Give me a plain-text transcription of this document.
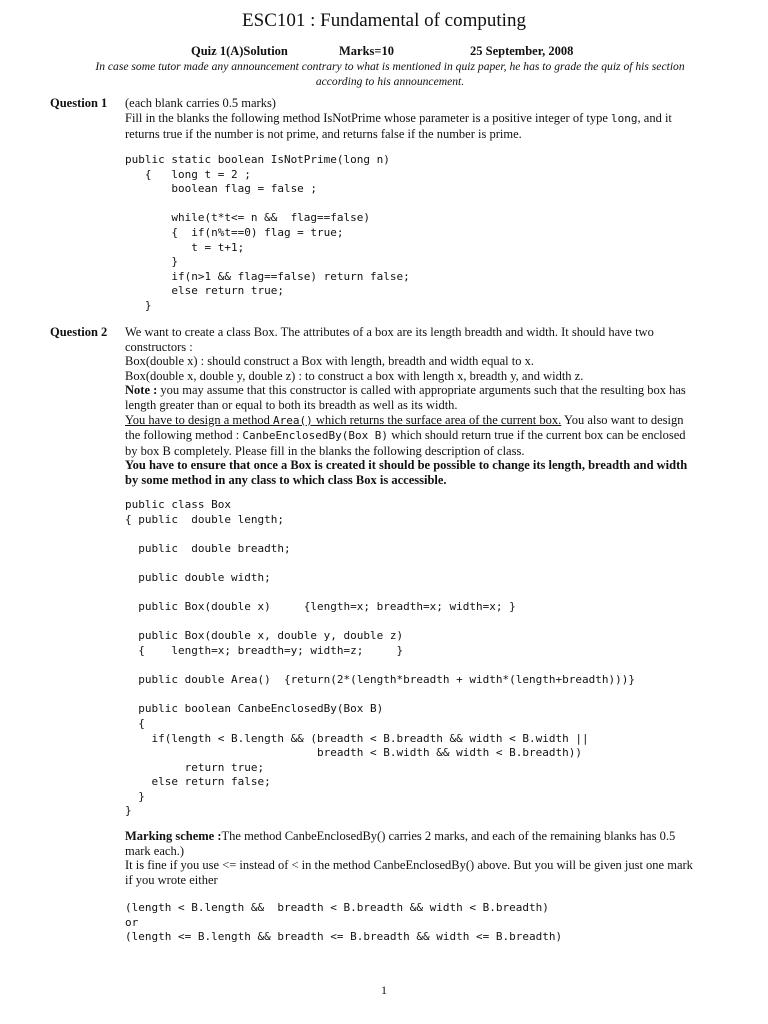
ESC101 : Fundamental of computing
Quiz 1(A)Solution	Marks=10	25 September, 2008
In case some tutor made any announcement contrary to what is mentioned in quiz paper, he has to grade the quiz of his section according to his announcement.
Question 1 (each blank carries 0.5 marks)
Fill in the blanks the following method IsNotPrime whose parameter is a positive integer of type long, and it returns true if the number is not prime, and returns false if the number is prime.
public static boolean IsNotPrime(long n)
{   long t = 2 ;
boolean flag = false ;

while(t*t<= n &&  flag==false)
{  if(n%t==0) flag = true;
t = t+1;
}
if(n>1 && flag==false) return false;
else return true;
}
Question 2 We want to create a class Box. The attributes of a box are its length breadth and width. It should have two constructors :
Box(double x) : should construct a Box with length, breadth and width equal to x.
Box(double x, double y, double z) : to construct a box with length x, breadth y, and width z.
Note : you may assume that this constructor is called with appropriate arguments such that the resulting box has length greater than or equal to both its breadth as well as its width.
You have to design a method Area() which returns the surface area of the current box. You also want to design the following method : CanbeEnclosedBy(Box B) which should return true if the current box can be enclosed by box B completely. Please fill in the blanks the following description of class.
You have to ensure that once a Box is created it should be possible to change its length, breadth and width by some method in any class to which class Box is accessible.
public class Box
{ public  double length;

public  double breadth;

public double width;

public Box(double x)     {length=x; breadth=x; width=x; }

public Box(double x, double y, double z)
{    length=x; breadth=y; width=z;     }

public double Area()  {return(2*(length*breadth + width*(length+breadth)))}

public boolean CanbeEnclosedBy(Box B)
{
if(length < B.length && (breadth < B.breadth && width < B.width ||
breadth < B.width && width < B.breadth))
return true;
else return false;
}
}
Marking scheme :The method CanbeEnclosedBy() carries 2 marks, and each of the remaining blanks has 0.5 mark each.)
It is fine if you use <= instead of < in the method CanbeEnclosedBy() above. But you will be given just one mark if you wrote either
(length < B.length &&  breadth < B.breadth && width < B.breadth)
or
(length <= B.length && breadth <= B.breadth && width <= B.breadth)
1
